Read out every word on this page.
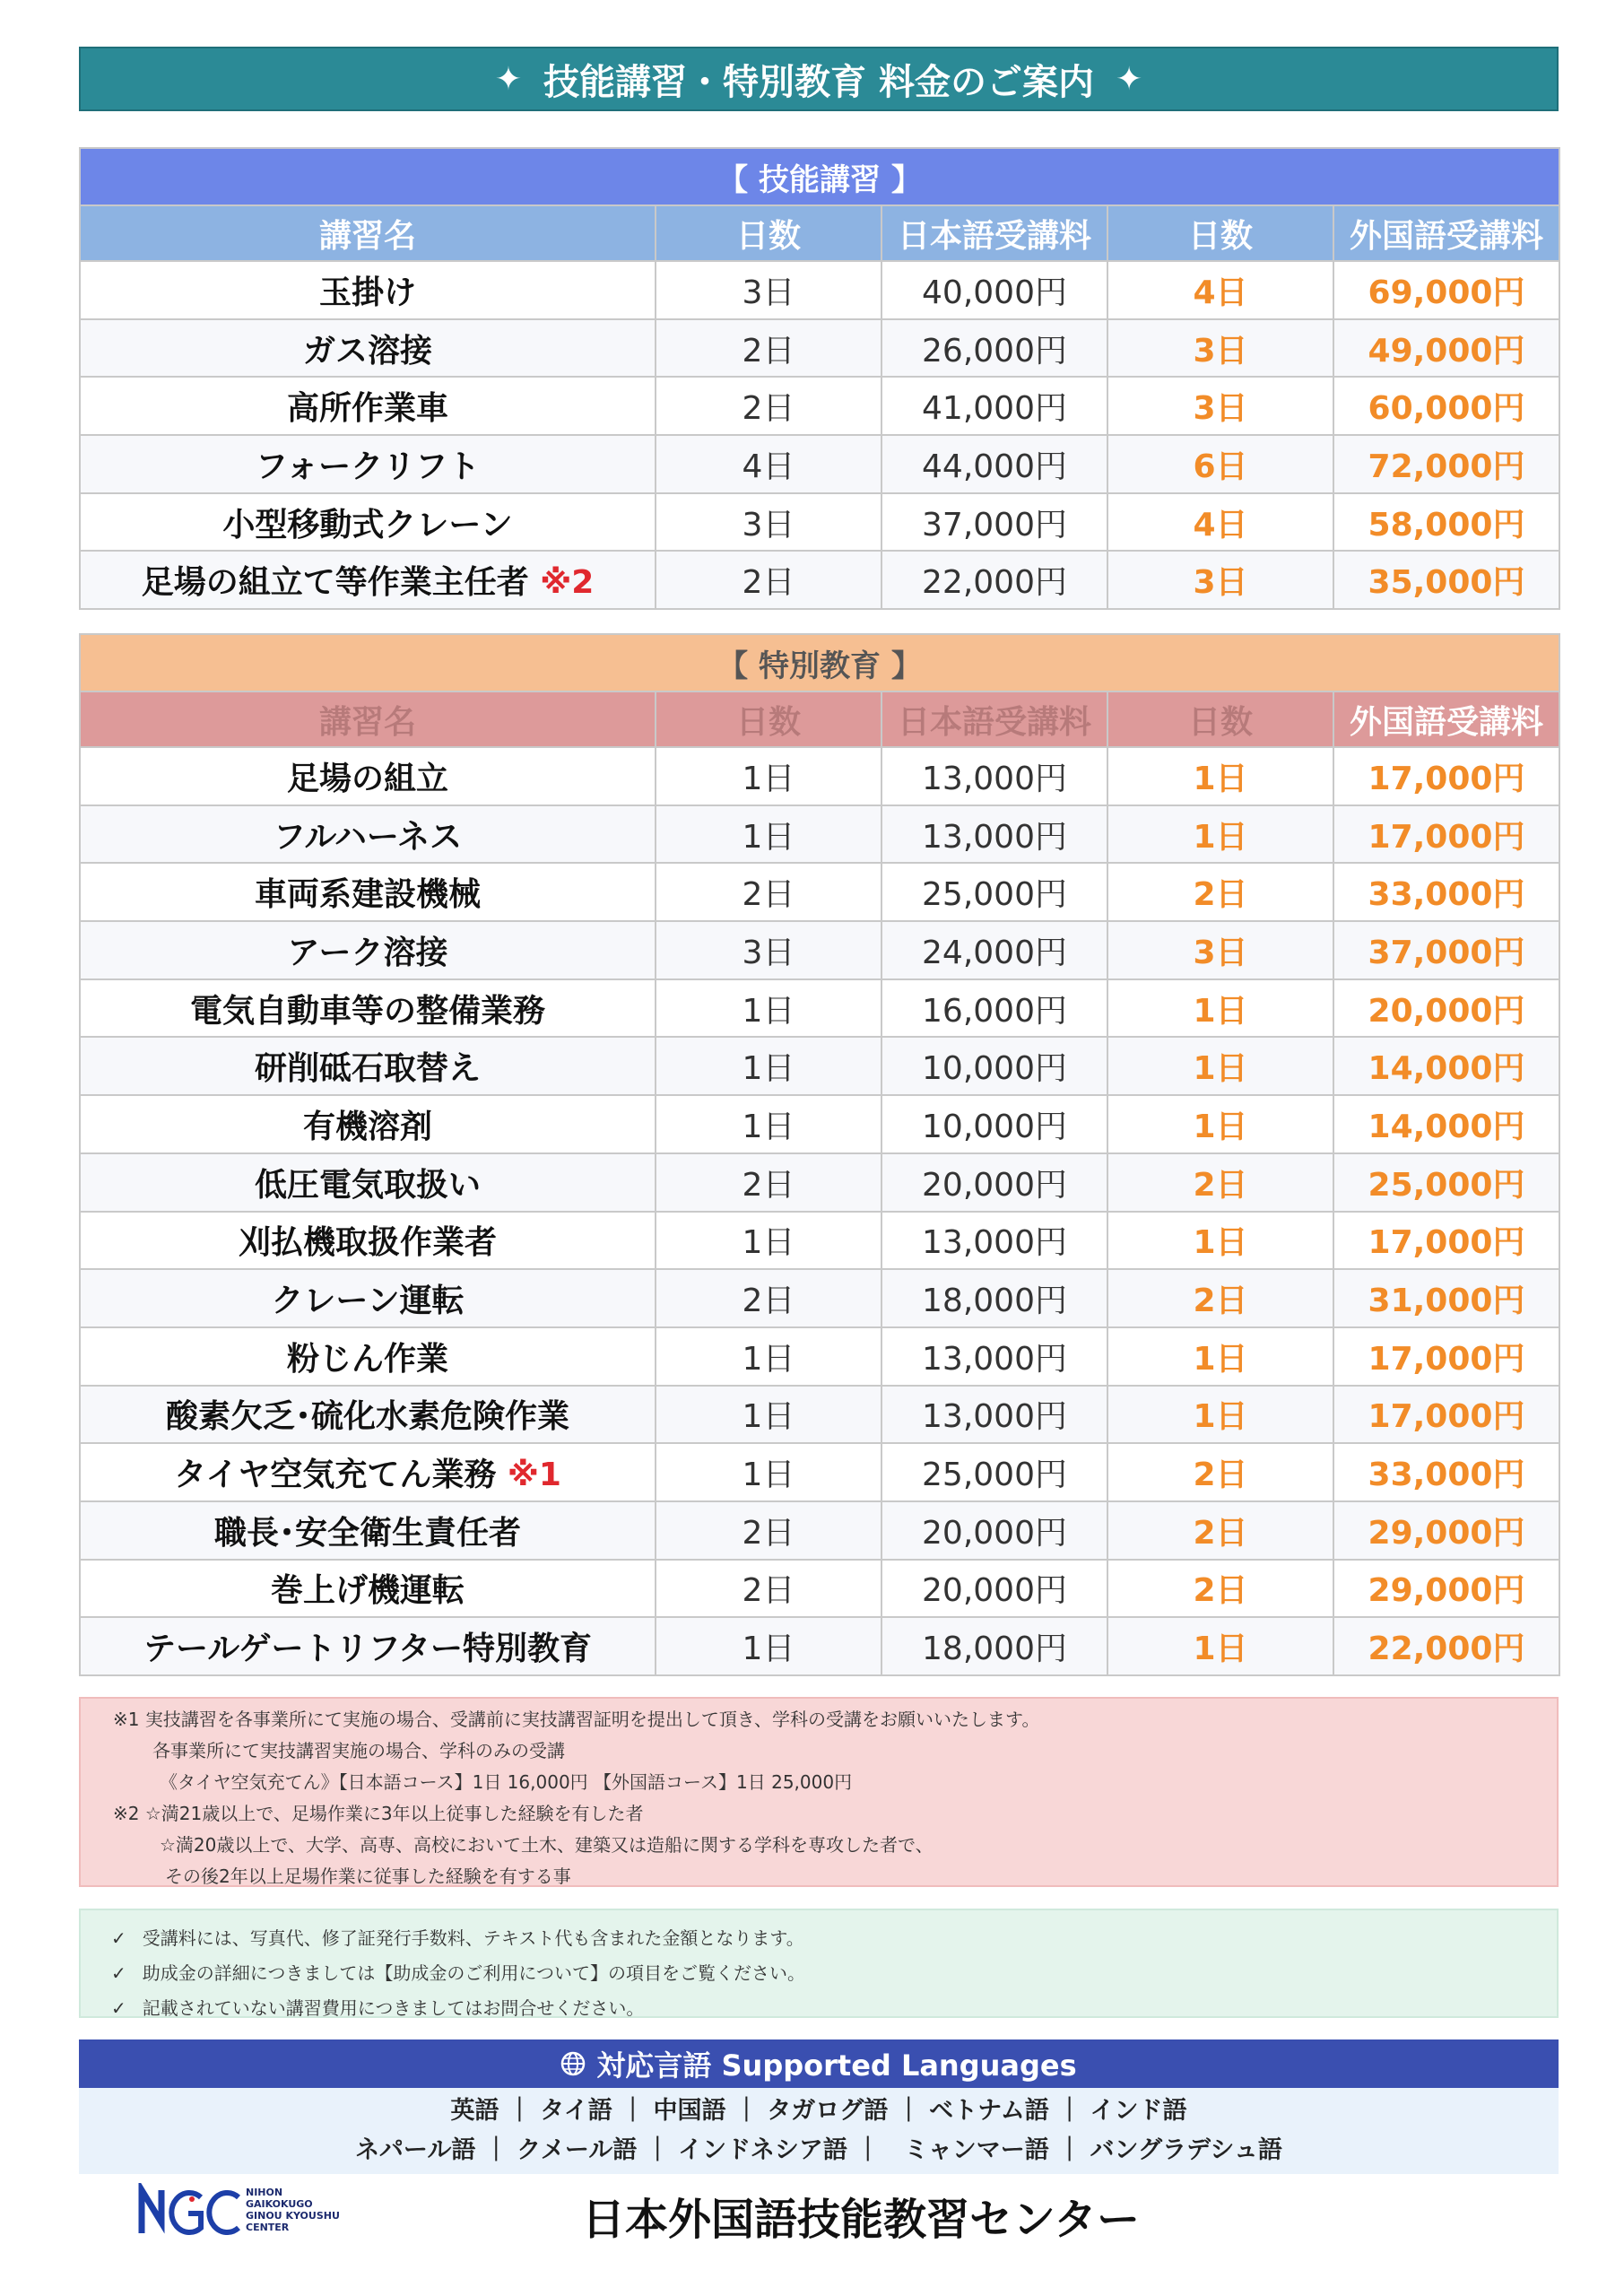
✦ 技能講習・特別教育 料金のご案内 ✦
【 技能講習 】				
講習名	日数	日本語受講料	日数	外国語受講料
玉掛け	3日	40,000円	4日	69,000円
ガス溶接	2日	26,000円	3日	49,000円
高所作業車	2日	41,000円	3日	60,000円
フォークリフト	4日	44,000円	6日	72,000円
小型移動式クレーン	3日	37,000円	4日	58,000円
足場の組立て等作業主任者 ※2	2日	22,000円	3日	35,000円
【 特別教育 】				
講習名	日数	日本語受講料	日数	外国語受講料
足場の組立	1日	13,000円	1日	17,000円
フルハーネス	1日	13,000円	1日	17,000円
車両系建設機械	2日	25,000円	2日	33,000円
アーク溶接	3日	24,000円	3日	37,000円
電気自動車等の整備業務	1日	16,000円	1日	20,000円
研削砥石取替え	1日	10,000円	1日	14,000円
有機溶剤	1日	10,000円	1日	14,000円
低圧電気取扱い	2日	20,000円	2日	25,000円
刈払機取扱作業者	1日	13,000円	1日	17,000円
クレーン運転	2日	18,000円	2日	31,000円
粉じん作業	1日	13,000円	1日	17,000円
酸素欠乏･硫化水素危険作業	1日	13,000円	1日	17,000円
タイヤ空気充てん業務 ※1	1日	25,000円	2日	33,000円
職長･安全衛生責任者	2日	20,000円	2日	29,000円
巻上げ機運転	2日	20,000円	2日	29,000円
テールゲートリフター特別教育	1日	18,000円	1日	22,000円
※1 実技講習を各事業所にて実施の場合、受講前に実技講習証明を提出して頂き、学科の受講をお願いいたします。
各事業所にて実技講習実施の場合、学科のみの受講
《タイヤ空気充てん》【日本語コース】1日 16,000円 【外国語コース】1日 25,000円
※2 ☆満21歳以上で、足場作業に3年以上従事した経験を有した者
☆満20歳以上で、大学、高専、高校において土木、建築又は造船に関する学科を専攻した者で、
その後2年以上足場作業に従事した経験を有する事
✓ 受講料には、写真代、修了証発行手数料、テキスト代も含まれた金額となります。
✓ 助成金の詳細につきましては【助成金のご利用について】の項目をご覧ください。
✓ 記載されていない講習費用につきましてはお問合せください。
対応言語 Supported Languages
英語 ｜ タイ語 ｜ 中国語 ｜ タガログ語 ｜ ベトナム語 ｜ インド語
ネパール語 ｜ クメール語 ｜ インドネシア語 ｜　ミャンマー語 ｜ バングラデシュ語
NIHON
GAIKOKUGO
GINOU KYOUSHU
CENTER	日本外国語技能教習センター
